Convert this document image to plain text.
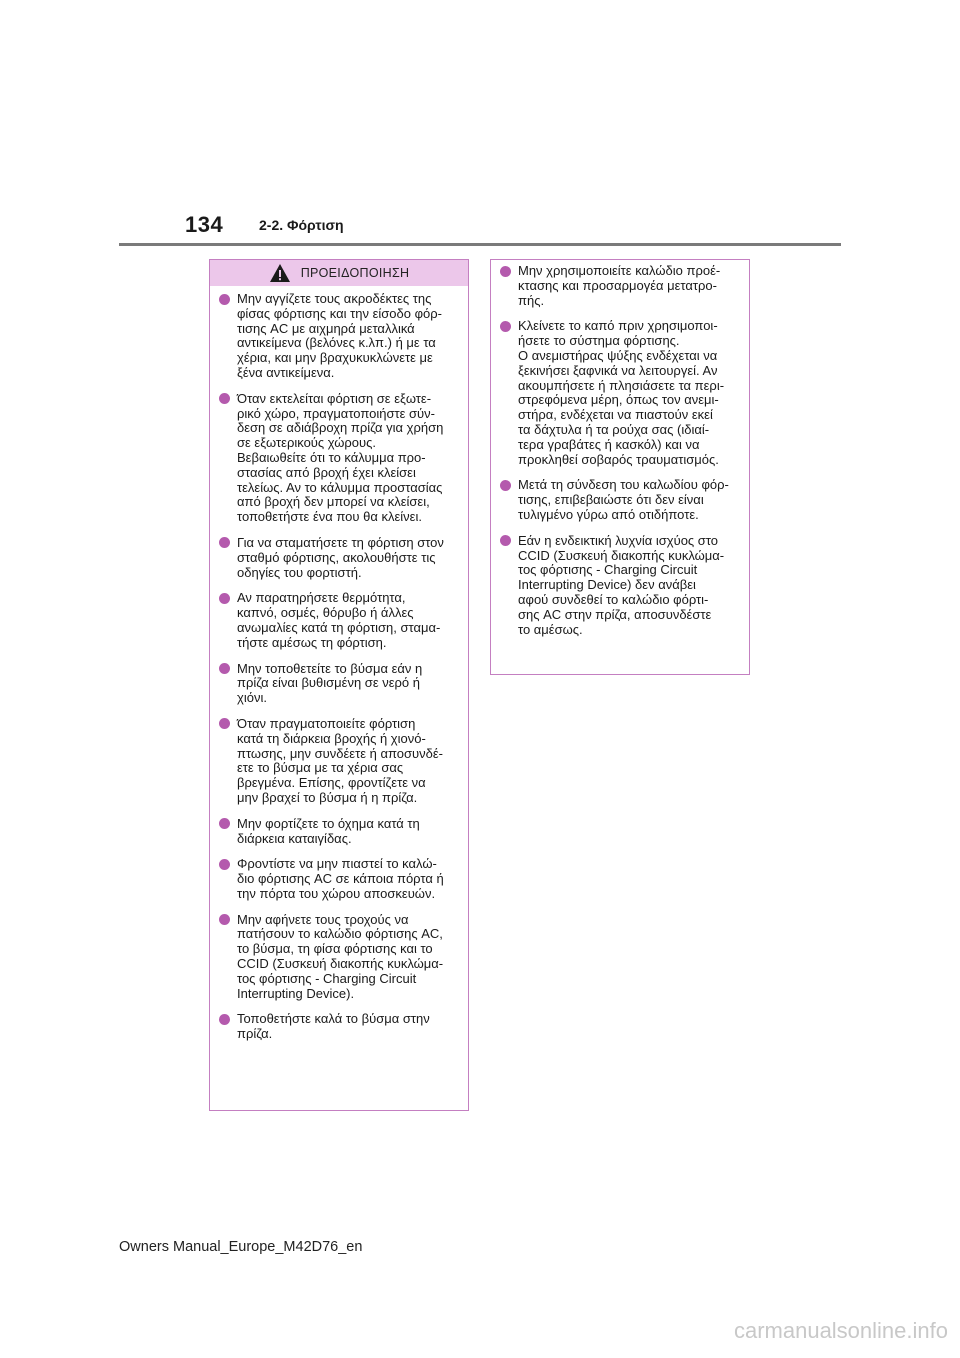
134	2-2. Φόρτιση
ΠΡΟΕΙΔΟΠΟΙΗΣΗ
Μην αγγίζετε τους ακροδέκτες της
φίσας φόρτισης και την είσοδο φόρ-
τισης AC με αιχμηρά μεταλλικά
αντικείμενα (βελόνες κ.λπ.) ή με τα
χέρια, και μην βραχυκυκλώνετε με
ξένα αντικείμενα.
Όταν εκτελείται φόρτιση σε εξωτε-
ρικό χώρο, πραγματοποιήστε σύν-
δεση σε αδιάβροχη πρίζα για χρήση
σε εξωτερικούς χώρους.
Βεβαιωθείτε ότι το κάλυμμα προ-
στασίας από βροχή έχει κλείσει
τελείως. Αν το κάλυμμα προστασίας
από βροχή δεν μπορεί να κλείσει,
τοποθετήστε ένα που θα κλείνει.
Για να σταματήσετε τη φόρτιση στον
σταθμό φόρτισης, ακολουθήστε τις
οδηγίες του φορτιστή.
Αν παρατηρήσετε θερμότητα,
καπνό, οσμές, θόρυβο ή άλλες
ανωμαλίες κατά τη φόρτιση, σταμα-
τήστε αμέσως τη φόρτιση.
Μην τοποθετείτε το βύσμα εάν η
πρίζα είναι βυθισμένη σε νερό ή
χιόνι.
Όταν πραγματοποιείτε φόρτιση
κατά τη διάρκεια βροχής ή χιονό-
πτωσης, μην συνδέετε ή αποσυνδέ-
ετε το βύσμα με τα χέρια σας
βρεγμένα. Επίσης, φροντίζετε να
μην βραχεί το βύσμα ή η πρίζα.
Μην φορτίζετε το όχημα κατά τη
διάρκεια καταιγίδας.
Φροντίστε να μην πιαστεί το καλώ-
διο φόρτισης AC σε κάποια πόρτα ή
την πόρτα του χώρου αποσκευών.
Μην αφήνετε τους τροχούς να
πατήσουν το καλώδιο φόρτισης AC,
το βύσμα, τη φίσα φόρτισης και το
CCID (Συσκευή διακοπής κυκλώμα-
τος φόρτισης - Charging Circuit
Interrupting Device).
Τοποθετήστε καλά το βύσμα στην
πρίζα.
Μην χρησιμοποιείτε καλώδιο προέ-
κτασης και προσαρμογέα μετατρο-
πής.
Κλείνετε το καπό πριν χρησιμοποι-
ήσετε το σύστημα φόρτισης.
Ο ανεμιστήρας ψύξης ενδέχεται να
ξεκινήσει ξαφνικά να λειτουργεί. Αν
ακουμπήσετε ή πλησιάσετε τα περι-
στρεφόμενα μέρη, όπως τον ανεμι-
στήρα, ενδέχεται να πιαστούν εκεί
τα δάχτυλα ή τα ρούχα σας (ιδιαί-
τερα γραβάτες ή κασκόλ) και να
προκληθεί σοβαρός τραυματισμός.
Μετά τη σύνδεση του καλωδίου φόρ-
τισης, επιβεβαιώστε ότι δεν είναι
τυλιγμένο γύρω από οτιδήποτε.
Εάν η ενδεικτική λυχνία ισχύος στο
CCID (Συσκευή διακοπής κυκλώμα-
τος φόρτισης - Charging Circuit
Interrupting Device) δεν ανάβει
αφού συνδεθεί το καλώδιο φόρτι-
σης AC στην πρίζα, αποσυνδέστε
το αμέσως.
Owners Manual_Europe_M42D76_en
carmanualsonline.info
